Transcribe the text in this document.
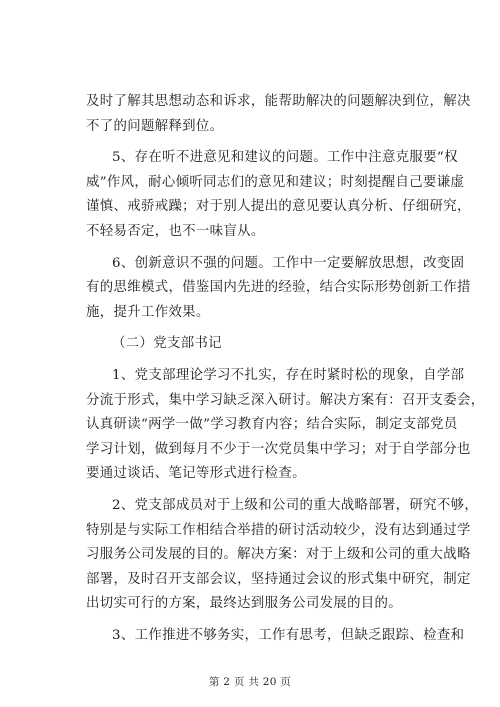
及时了解其思想动态和诉求，能帮助解决的问题解决到位，解决
不了的问题解释到位。
5、存在听不进意见和建议的问题。工作中注意克服要“权
威”作风，耐心倾听同志们的意见和建议；时刻提醒自己要谦虚
谨慎、戒骄戒躁；对于别人提出的意见要认真分析、仔细研究，
不轻易否定，也不一味盲从。
6、创新意识不强的问题。工作中一定要解放思想，改变固
有的思维模式，借鉴国内先进的经验，结合实际形势创新工作措
施，提升工作效果。
（二）党支部书记
1、党支部理论学习不扎实，存在时紧时松的现象，自学部
分流于形式，集中学习缺乏深入研讨。解决方案有：召开支委会，
认真研读“两学一做”学习教育内容；结合实际，制定支部党员
学习计划，做到每月不少于一次党员集中学习；对于自学部分也
要通过谈话、笔记等形式进行检查。
2、党支部成员对于上级和公司的重大战略部署，研究不够，
特别是与实际工作相结合举措的研讨活动较少，没有达到通过学
习服务公司发展的目的。解决方案：对于上级和公司的重大战略
部署，及时召开支部会议，坚持通过会议的形式集中研究，制定
出切实可行的方案，最终达到服务公司发展的目的。
3、工作推进不够务实，工作有思考，但缺乏跟踪、检查和
第 2 页 共 20 页
